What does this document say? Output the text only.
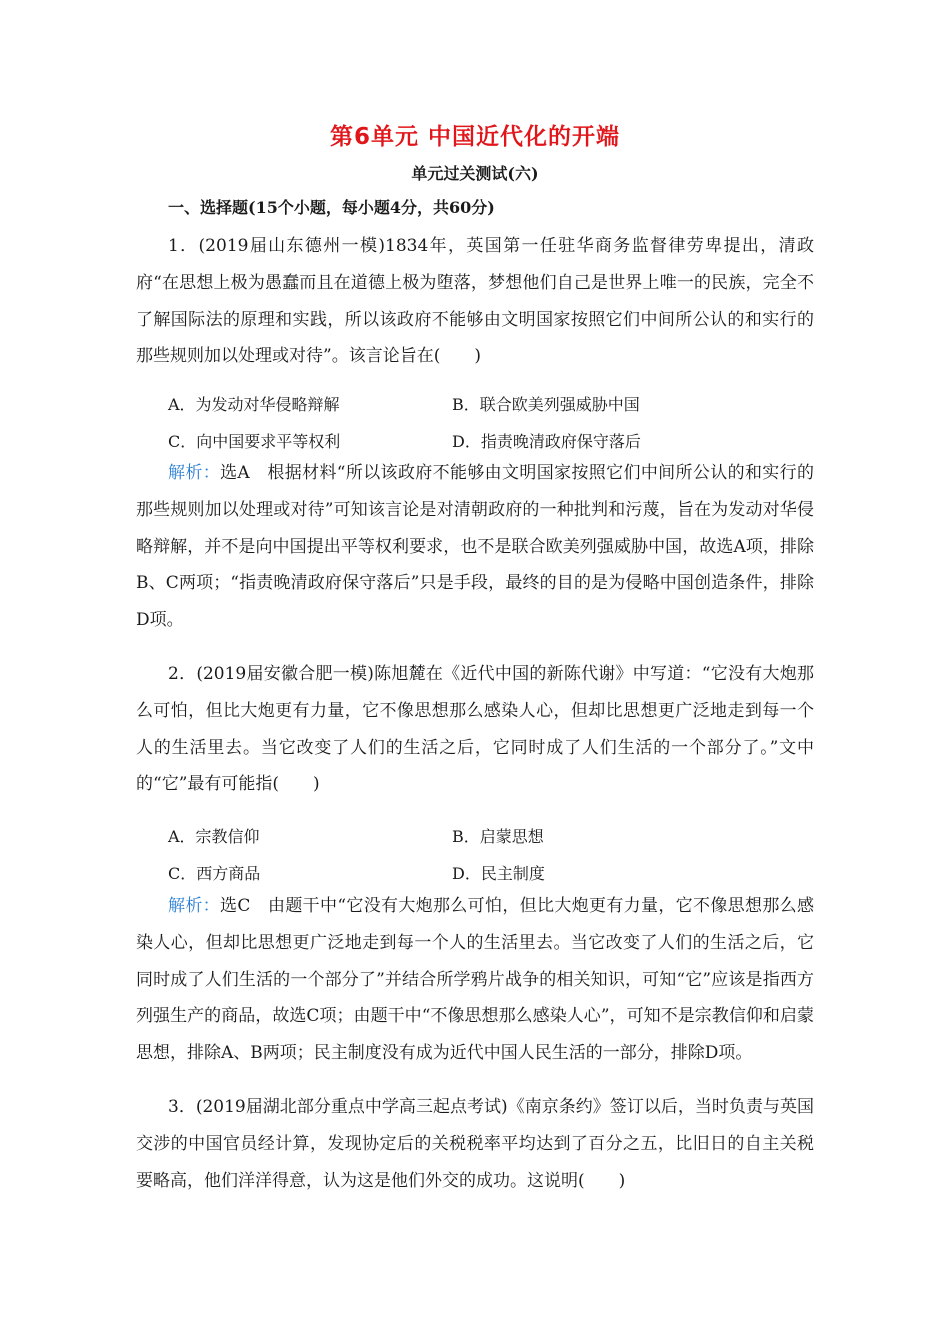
第6单元 中国近代化的开端
单元过关测试(六)
一、选择题(15个小题，每小题4分，共60分)

1．(2019届山东德州一模)1834年，英国第一任驻华商务监督律劳卑提出，清政府“在思想上极为愚蠢而且在道德上极为堕落，梦想他们自己是世界上唯一的民族，完全不了解国际法的原理和实践，所以该政府不能够由文明国家按照它们中间所公认的和实行的那些规则加以处理或对待”。该言论旨在(　　)

A．为发动对华侵略辩解	B．联合欧美列强威胁中国
C．向中国要求平等权利	D．指责晚清政府保守落后

解析：选A　根据材料“所以该政府不能够由文明国家按照它们中间所公认的和实行的那些规则加以处理或对待”可知该言论是对清朝政府的一种批判和污蔑，旨在为发动对华侵略辩解，并不是向中国提出平等权利要求，也不是联合欧美列强威胁中国，故选A项，排除B、C两项；“指责晚清政府保守落后”只是手段，最终的目的是为侵略中国创造条件，排除D项。

2．(2019届安徽合肥一模)陈旭麓在《近代中国的新陈代谢》中写道：“它没有大炮那么可怕，但比大炮更有力量，它不像思想那么感染人心，但却比思想更广泛地走到每一个人的生活里去。当它改变了人们的生活之后，它同时成了人们生活的一个部分了。”文中的“它”最有可能指(　　)

A．宗教信仰	B．启蒙思想
C．西方商品	D．民主制度

解析：选C　由题干中“它没有大炮那么可怕，但比大炮更有力量，它不像思想那么感染人心，但却比思想更广泛地走到每一个人的生活里去。当它改变了人们的生活之后，它同时成了人们生活的一个部分了”并结合所学鸦片战争的相关知识，可知“它”应该是指西方列强生产的商品，故选C项；由题干中“不像思想那么感染人心”，可知不是宗教信仰和启蒙思想，排除A、B两项；民主制度没有成为近代中国人民生活的一部分，排除D项。

3．(2019届湖北部分重点中学高三起点考试)《南京条约》签订以后，当时负责与英国交涉的中国官员经计算，发现协定后的关税税率平均达到了百分之五，比旧日的自主关税要略高，他们洋洋得意，认为这是他们外交的成功。这说明(　　)
